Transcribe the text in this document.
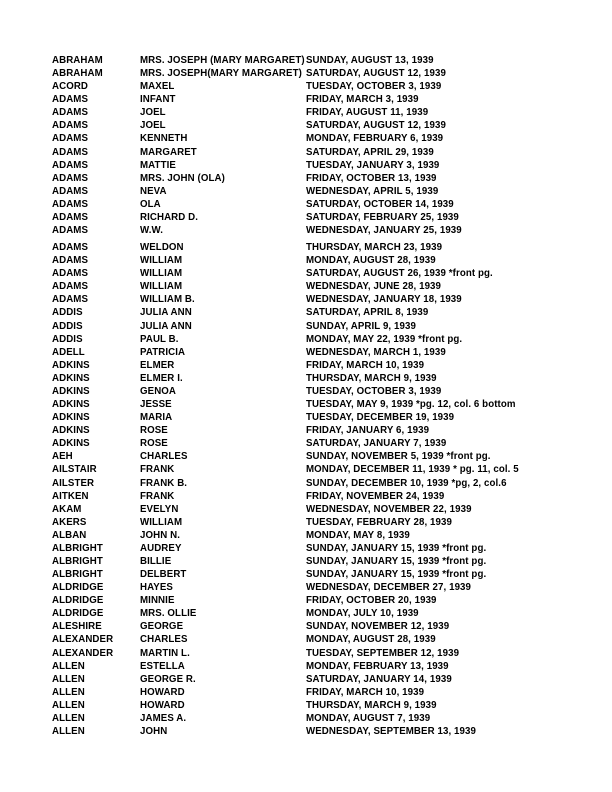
ABRAHAM	MRS. JOSEPH (MARY MARGARET) SUNDAY, AUGUST 13, 1939
ABRAHAM	MRS. JOSEPH(MARY MARGARET) SATURDAY, AUGUST 12, 1939
ACORD	MAXEL	TUESDAY, OCTOBER 3, 1939
ADAMS	INFANT	FRIDAY, MARCH 3, 1939
ADAMS	JOEL	FRIDAY, AUGUST 11, 1939
ADAMS	JOEL	SATURDAY, AUGUST 12, 1939
ADAMS	KENNETH	MONDAY, FEBRUARY 6, 1939
ADAMS	MARGARET	SATURDAY, APRIL 29, 1939
ADAMS	MATTIE	TUESDAY, JANUARY 3, 1939
ADAMS	MRS. JOHN (OLA)	FRIDAY, OCTOBER 13, 1939
ADAMS	NEVA	WEDNESDAY, APRIL 5, 1939
ADAMS	OLA	SATURDAY, OCTOBER 14, 1939
ADAMS	RICHARD D.	SATURDAY, FEBRUARY 25, 1939
ADAMS	W.W.	WEDNESDAY, JANUARY 25, 1939
ADAMS	WELDON	THURSDAY, MARCH 23, 1939
ADAMS	WILLIAM	MONDAY, AUGUST 28, 1939
ADAMS	WILLIAM	SATURDAY, AUGUST 26, 1939 *front pg.
ADAMS	WILLIAM	WEDNESDAY, JUNE 28, 1939
ADAMS	WILLIAM B.	WEDNESDAY, JANUARY 18, 1939
ADDIS	JULIA ANN	SATURDAY, APRIL 8, 1939
ADDIS	JULIA ANN	SUNDAY, APRIL 9, 1939
ADDIS	PAUL B.	MONDAY, MAY 22, 1939 *front pg.
ADELL	PATRICIA	WEDNESDAY, MARCH 1, 1939
ADKINS	ELMER	FRIDAY, MARCH 10, 1939
ADKINS	ELMER I.	THURSDAY, MARCH 9, 1939
ADKINS	GENOA	TUESDAY, OCTOBER 3, 1939
ADKINS	JESSE	TUESDAY, MAY 9, 1939 *pg. 12, col. 6 bottom
ADKINS	MARIA	TUESDAY, DECEMBER 19, 1939
ADKINS	ROSE	FRIDAY, JANUARY 6, 1939
ADKINS	ROSE	SATURDAY, JANUARY 7, 1939
AEH	CHARLES	SUNDAY, NOVEMBER 5, 1939 *front pg.
AILSTAIR	FRANK	MONDAY, DECEMBER 11, 1939 * pg. 11, col. 5
AILSTER	FRANK B.	SUNDAY, DECEMBER 10, 1939 *pg, 2, col.6
AITKEN	FRANK	FRIDAY, NOVEMBER 24, 1939
AKAM	EVELYN	WEDNESDAY, NOVEMBER 22, 1939
AKERS	WILLIAM	TUESDAY, FEBRUARY 28, 1939
ALBAN	JOHN N.	MONDAY, MAY 8, 1939
ALBRIGHT	AUDREY	SUNDAY, JANUARY 15, 1939 *front pg.
ALBRIGHT	BILLIE	SUNDAY, JANUARY 15, 1939 *front pg.
ALBRIGHT	DELBERT	SUNDAY, JANUARY 15, 1939 *front pg.
ALDRIDGE	HAYES	WEDNESDAY, DECEMBER 27, 1939
ALDRIDGE	MINNIE	FRIDAY, OCTOBER 20, 1939
ALDRIDGE	MRS. OLLIE	MONDAY, JULY 10, 1939
ALESHIRE	GEORGE	SUNDAY, NOVEMBER 12, 1939
ALEXANDER	CHARLES	MONDAY, AUGUST 28, 1939
ALEXANDER	MARTIN L.	TUESDAY, SEPTEMBER 12, 1939
ALLEN	ESTELLA	MONDAY, FEBRUARY 13, 1939
ALLEN	GEORGE R.	SATURDAY, JANUARY 14, 1939
ALLEN	HOWARD	FRIDAY, MARCH 10, 1939
ALLEN	HOWARD	THURSDAY, MARCH 9, 1939
ALLEN	JAMES A.	MONDAY, AUGUST 7, 1939
ALLEN	JOHN	WEDNESDAY, SEPTEMBER 13, 1939
